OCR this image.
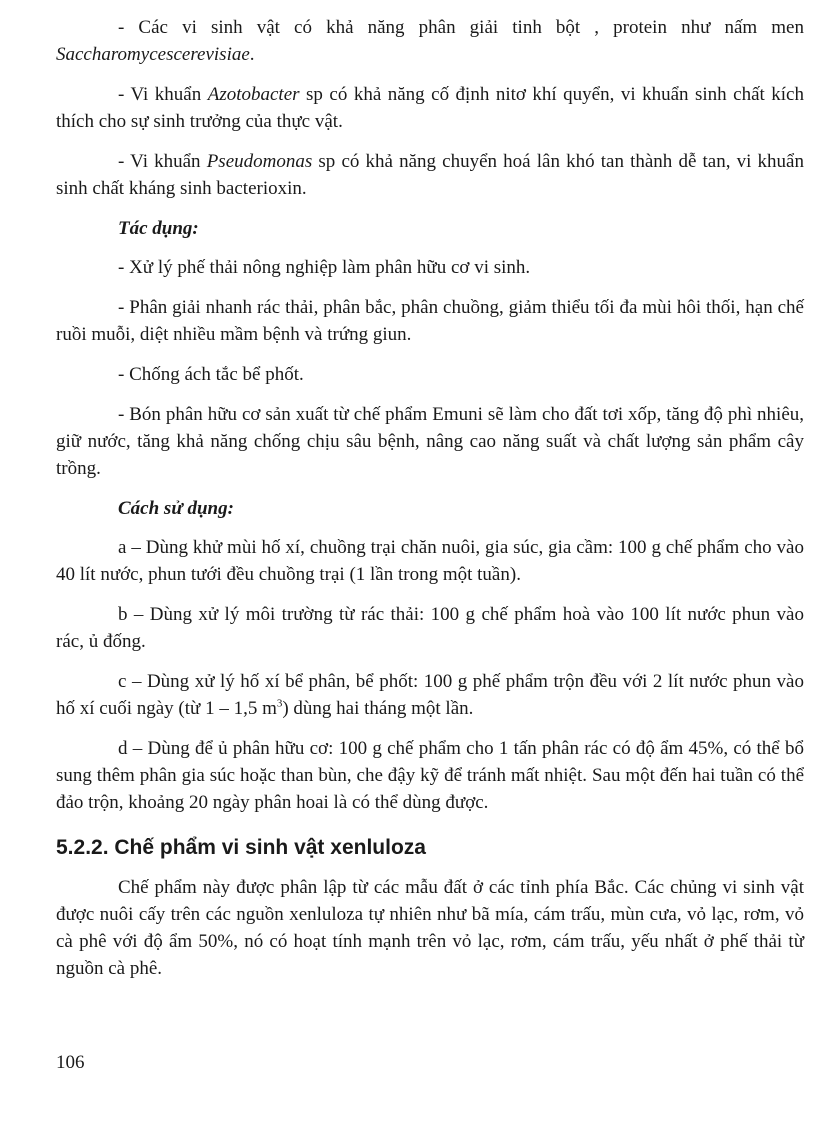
- Các vi sinh vật có khả năng phân giải tinh bột , protein như nấm men Saccharomycescerevisiae.

- Vi khuẩn Azotobacter sp có khả năng cố định nitơ khí quyển, vi khuẩn sinh chất kích thích cho sự sinh trưởng của thực vật.

- Vi khuẩn Pseudomonas sp có khả năng chuyển hoá lân khó tan thành dễ tan, vi khuẩn sinh chất kháng sinh bacterioxin.

Tác dụng:

- Xử lý phế thải nông nghiệp làm phân hữu cơ vi sinh.

- Phân giải nhanh rác thải, phân bắc, phân chuồng, giảm thiểu tối đa mùi hôi thối, hạn chế ruồi muỗi, diệt nhiều mầm bệnh và trứng giun.

- Chống ách tắc bể phốt.

- Bón phân hữu cơ sản xuất từ chế phẩm Emuni sẽ làm cho đất tơi xốp, tăng độ phì nhiêu, giữ nước, tăng khả năng chống chịu sâu bệnh, nâng cao năng suất và chất lượng sản phẩm cây trồng.

Cách sử dụng:

a – Dùng khử mùi hố xí, chuồng trại chăn nuôi, gia súc, gia cầm: 100 g chế phẩm cho vào 40 lít nước, phun tưới đều chuồng trại (1 lần trong một tuần).

b – Dùng xử lý môi trường từ rác thải: 100 g chế phẩm hoà vào 100 lít nước phun vào rác, ủ đống.

c – Dùng xử lý hố xí bể phân, bể phốt: 100 g phế phẩm trộn đều với 2 lít nước phun vào hố xí cuối ngày (từ 1 – 1,5 $m^3$) dùng hai tháng một lần.

d – Dùng để ủ phân hữu cơ: 100 g chế phẩm cho 1 tấn phân rác có độ ẩm 45%, có thể bổ sung thêm phân gia súc hoặc than bùn, che đậy kỹ để tránh mất nhiệt. Sau một đến hai tuần có thể đảo trộn, khoảng 20 ngày phân hoai là có thể dùng được.

5.2.2. Chế phẩm vi sinh vật xenluloza

Chế phẩm này được phân lập từ các mẫu đất ở các tỉnh phía Bắc. Các chủng vi sinh vật được nuôi cấy trên các nguồn xenluloza tự nhiên như bã mía, cám trấu, mùn cưa, vỏ lạc, rơm, vỏ cà phê với độ ẩm 50%, nó có hoạt tính mạnh trên vỏ lạc, rơm, cám trấu, yếu nhất ở phế thải từ nguồn cà phê.

106
